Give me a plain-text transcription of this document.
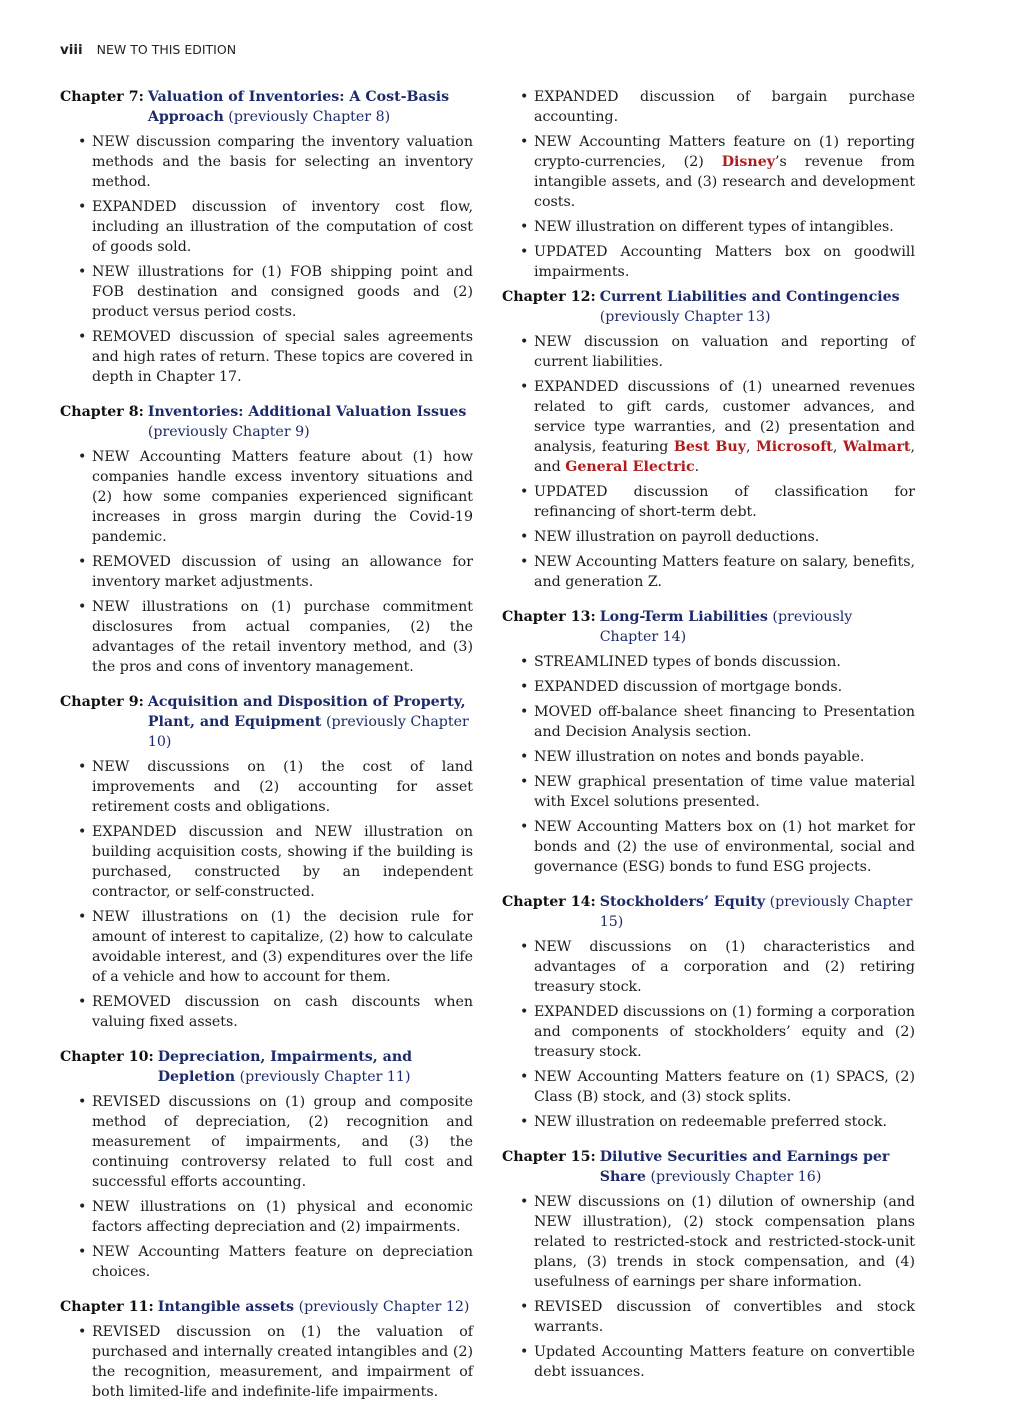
viii NEW TO THIS EDITION
Chapter 7: Valuation of Inventories: A Cost-Basis Approach (previously Chapter 8)
• NEW discussion comparing the inventory valuation methods and the basis for selecting an inventory method.
• EXPANDED discussion of inventory cost flow, including an illustration of the computation of cost of goods sold.
• NEW illustrations for (1) FOB shipping point and FOB destination and consigned goods and (2) product versus period costs.
• REMOVED discussion of special sales agreements and high rates of return. These topics are covered in depth in Chapter 17.
Chapter 8: Inventories: Additional Valuation Issues (previously Chapter 9)
• NEW Accounting Matters feature about (1) how companies handle excess inventory situations and (2) how some companies experienced significant increases in gross margin during the Covid-19 pandemic.
• REMOVED discussion of using an allowance for inventory market adjustments.
• NEW illustrations on (1) purchase commitment disclosures from actual companies, (2) the advantages of the retail inventory method, and (3) the pros and cons of inventory management.
Chapter 9: Acquisition and Disposition of Property, Plant, and Equipment (previously Chapter 10)
• NEW discussions on (1) the cost of land improvements and (2) accounting for asset retirement costs and obligations.
• EXPANDED discussion and NEW illustration on building acquisition costs, showing if the building is purchased, constructed by an independent contractor, or self-constructed.
• NEW illustrations on (1) the decision rule for amount of interest to capitalize, (2) how to calculate avoidable interest, and (3) expenditures over the life of a vehicle and how to account for them.
• REMOVED discussion on cash discounts when valuing fixed assets.
Chapter 10: Depreciation, Impairments, and Depletion (previously Chapter 11)
• REVISED discussions on (1) group and composite method of depreciation, (2) recognition and measurement of impairments, and (3) the continuing controversy related to full cost and successful efforts accounting.
• NEW illustrations on (1) physical and economic factors affecting depreciation and (2) impairments.
• NEW Accounting Matters feature on depreciation choices.
Chapter 11: Intangible assets (previously Chapter 12)
• REVISED discussion on (1) the valuation of purchased and internally created intangibles and (2) the recognition, measurement, and impairment of both limited-life and indefinite-life impairments.
• EXPANDED discussion of bargain purchase accounting.
• NEW Accounting Matters feature on (1) reporting crypto-currencies, (2) Disney’s revenue from intangible assets, and (3) research and development costs.
• NEW illustration on different types of intangibles.
• UPDATED Accounting Matters box on goodwill impairments.
Chapter 12: Current Liabilities and Contingencies (previously Chapter 13)
• NEW discussion on valuation and reporting of current liabilities.
• EXPANDED discussions of (1) unearned revenues related to gift cards, customer advances, and service type warranties, and (2) presentation and analysis, featuring Best Buy, Microsoft, Walmart, and General Electric.
• UPDATED discussion of classification for refinancing of short-term debt.
• NEW illustration on payroll deductions.
• NEW Accounting Matters feature on salary, benefits, and generation Z.
Chapter 13: Long-Term Liabilities (previously Chapter 14)
• STREAMLINED types of bonds discussion.
• EXPANDED discussion of mortgage bonds.
• MOVED off-balance sheet financing to Presentation and Decision Analysis section.
• NEW illustration on notes and bonds payable.
• NEW graphical presentation of time value material with Excel solutions presented.
• NEW Accounting Matters box on (1) hot market for bonds and (2) the use of environmental, social and governance (ESG) bonds to fund ESG projects.
Chapter 14: Stockholders’ Equity (previously Chapter 15)
• NEW discussions on (1) characteristics and advantages of a corporation and (2) retiring treasury stock.
• EXPANDED discussions on (1) forming a corporation and components of stockholders’ equity and (2) treasury stock.
• NEW Accounting Matters feature on (1) SPACS, (2) Class (B) stock, and (3) stock splits.
• NEW illustration on redeemable preferred stock.
Chapter 15: Dilutive Securities and Earnings per Share (previously Chapter 16)
• NEW discussions on (1) dilution of ownership (and NEW illustration), (2) stock compensation plans related to restricted-stock and restricted-stock-unit plans, (3) trends in stock compensation, and (4) usefulness of earnings per share information.
• REVISED discussion of convertibles and stock warrants.
• Updated Accounting Matters feature on convertible debt issuances.
